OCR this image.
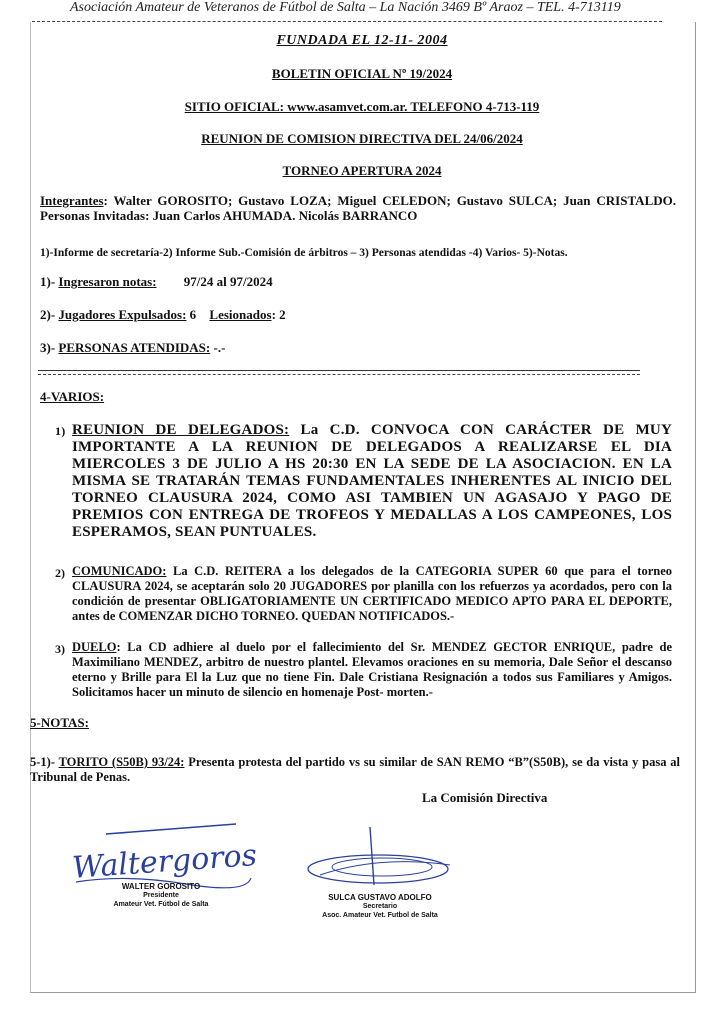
Asociación Amateur de Veteranos de Fútbol de Salta – La Nación 3469 Bº Araoz – TEL. 4-713119
FUNDADA EL 12-11- 2004
BOLETIN OFICIAL Nº 19/2024
SITIO OFICIAL: www.asamvet.com.ar. TELEFONO 4-713-119
REUNION DE COMISION DIRECTIVA DEL 24/06/2024
TORNEO APERTURA 2024
Integrantes: Walter GOROSITO; Gustavo LOZA; Miguel CELEDON; Gustavo SULCA; Juan CRISTALDO. Personas Invitadas: Juan Carlos AHUMADA. Nicolás BARRANCO
1)-Informe de secretaría-2) Informe Sub.-Comisión de árbitros – 3) Personas atendidas -4) Varios- 5)-Notas.
1)- Ingresaron notas: 97/24 al 97/2024
2)- Jugadores Expulsados: 6 Lesionados: 2
3)- PERSONAS ATENDIDAS: -.-
4-VARIOS:
1) REUNION DE DELEGADOS: La C.D. CONVOCA CON CARÁCTER DE MUY IMPORTANTE A LA REUNION DE DELEGADOS A REALIZARSE EL DIA MIERCOLES 3 DE JULIO A HS 20:30 EN LA SEDE DE LA ASOCIACION. EN LA MISMA SE TRATARÁN TEMAS FUNDAMENTALES INHERENTES AL INICIO DEL TORNEO CLAUSURA 2024, COMO ASI TAMBIEN UN AGASAJO Y PAGO DE PREMIOS CON ENTREGA DE TROFEOS Y MEDALLAS A LOS CAMPEONES, LOS ESPERAMOS, SEAN PUNTUALES.
2) COMUNICADO: La C.D. REITERA a los delegados de la CATEGORIA SUPER 60 que para el torneo CLAUSURA 2024, se aceptarán solo 20 JUGADORES por planilla con los refuerzos ya acordados, pero con la condición de presentar OBLIGATORIAMENTE UN CERTIFICADO MEDICO APTO PARA EL DEPORTE, antes de COMENZAR DICHO TORNEO. QUEDAN NOTIFICADOS.-
3) DUELO: La CD adhiere al duelo por el fallecimiento del Sr. MENDEZ GECTOR ENRIQUE, padre de Maximiliano MENDEZ, arbitro de nuestro plantel. Elevamos oraciones en su memoria, Dale Señor el descanso eterno y Brille para El la Luz que no tiene Fin. Dale Cristiana Resignación a todos sus Familiares y Amigos. Solicitamos hacer un minuto de silencio en homenaje Post- morten.-
5-NOTAS:
5-1)- TORITO (S50B) 93/24: Presenta protesta del partido vs su similar de SAN REMO “B”(S50B), se da vista y pasa al Tribunal de Penas.
La Comisión Directiva
Waltergorosito
WALTER GOROSITO
Presidente
Amateur Vet. Fútbol de Salta
SULCA GUSTAVO ADOLFO
Secretario
Asoc. Amateur Vet. Futbol de Salta
